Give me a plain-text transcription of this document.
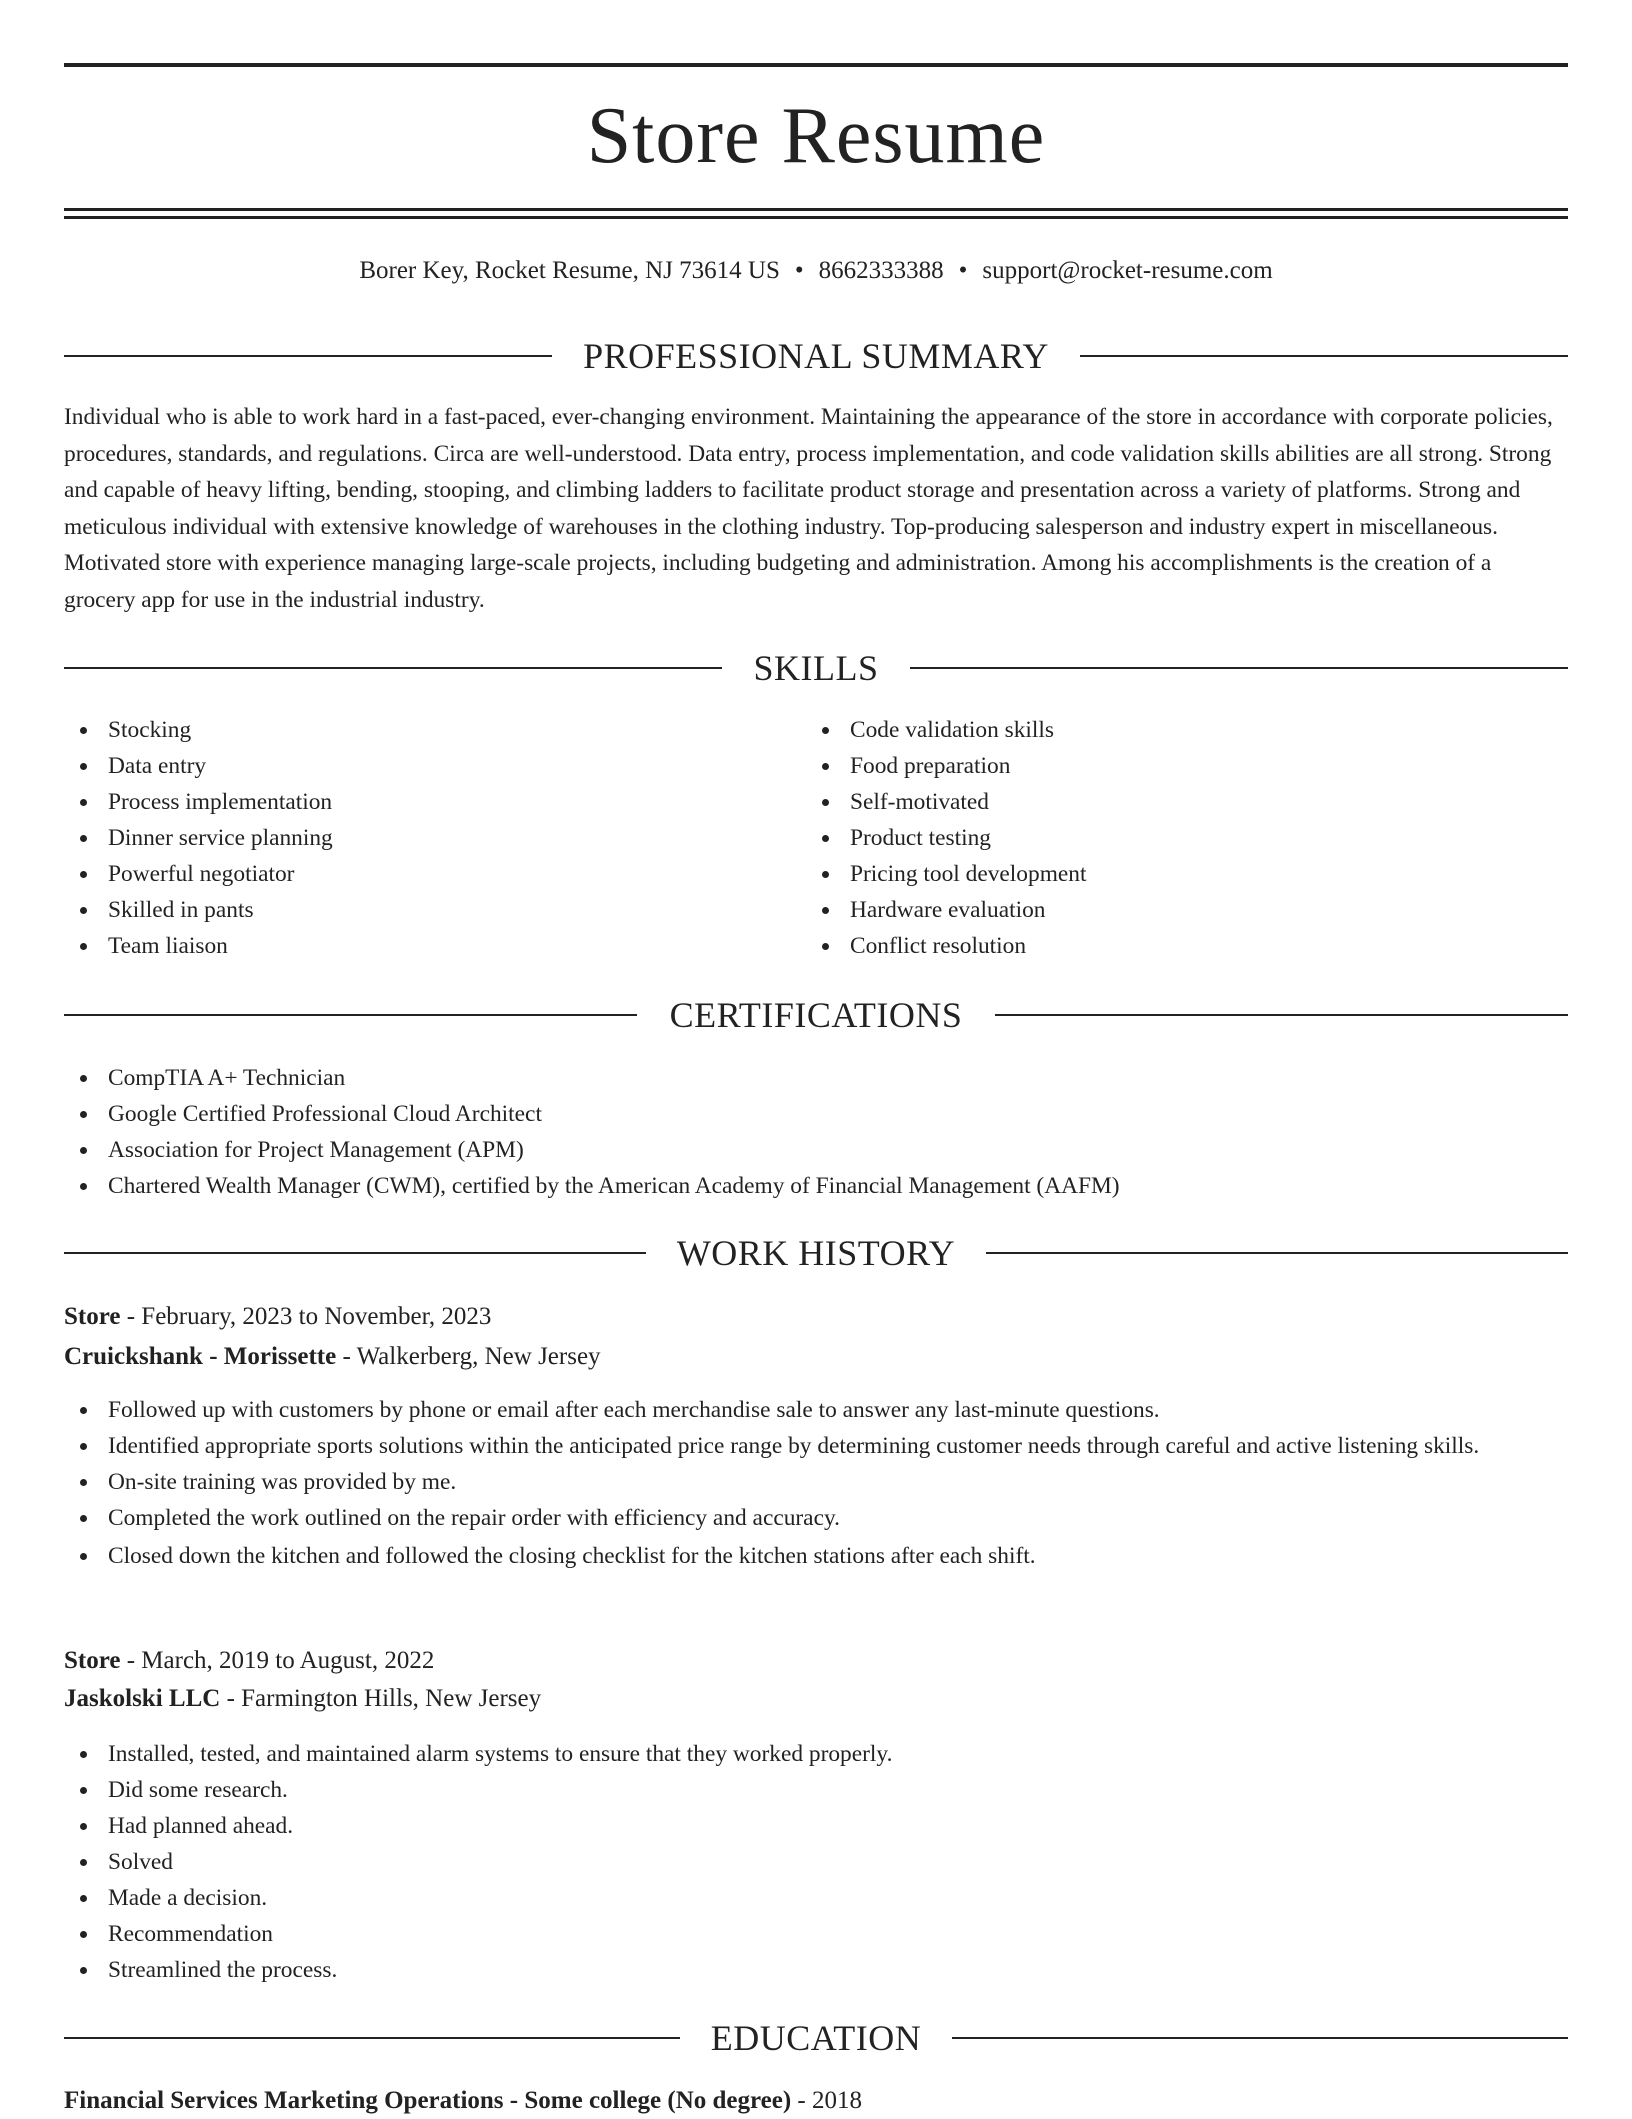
Store Resume
Borer Key, Rocket Resume, NJ 73614 US • 8662333388 • support@rocket-resume.com
PROFESSIONAL SUMMARY

Individual who is able to work hard in a fast-paced, ever-changing environment. Maintaining the appearance of the store in accordance with corporate policies, procedures, standards, and regulations. Circa are well-understood. Data entry, process implementation, and code validation skills abilities are all strong. Strong and capable of heavy lifting, bending, stooping, and climbing ladders to facilitate product storage and presentation across a variety of platforms. Strong and meticulous individual with extensive knowledge of warehouses in the clothing industry. Top-producing salesperson and industry expert in miscellaneous. Motivated store with experience managing large-scale projects, including budgeting and administration. Among his accomplishments is the creation of a grocery app for use in the industrial industry.

SKILLS
Stocking
Data entry
Process implementation
Dinner service planning
Powerful negotiator
Skilled in pants
Team liaison
Code validation skills
Food preparation
Self-motivated
Product testing
Pricing tool development
Hardware evaluation
Conflict resolution
CERTIFICATIONS
CompTIA A+ Technician
Google Certified Professional Cloud Architect
Association for Project Management (APM)
Chartered Wealth Manager (CWM), certified by the American Academy of Financial Management (AAFM)
WORK HISTORY
Store - February, 2023 to November, 2023
Cruickshank - Morissette - Walkerberg, New Jersey
Followed up with customers by phone or email after each merchandise sale to answer any last-minute questions.
Identified appropriate sports solutions within the anticipated price range by determining customer needs through careful and active listening skills.
On-site training was provided by me.
Completed the work outlined on the repair order with efficiency and accuracy.
Closed down the kitchen and followed the closing checklist for the kitchen stations after each shift.
Store - March, 2019 to August, 2022
Jaskolski LLC - Farmington Hills, New Jersey
Installed, tested, and maintained alarm systems to ensure that they worked properly.
Did some research.
Had planned ahead.
Solved
Made a decision.
Recommendation
Streamlined the process.
EDUCATION
Financial Services Marketing Operations - Some college (No degree) - 2018
